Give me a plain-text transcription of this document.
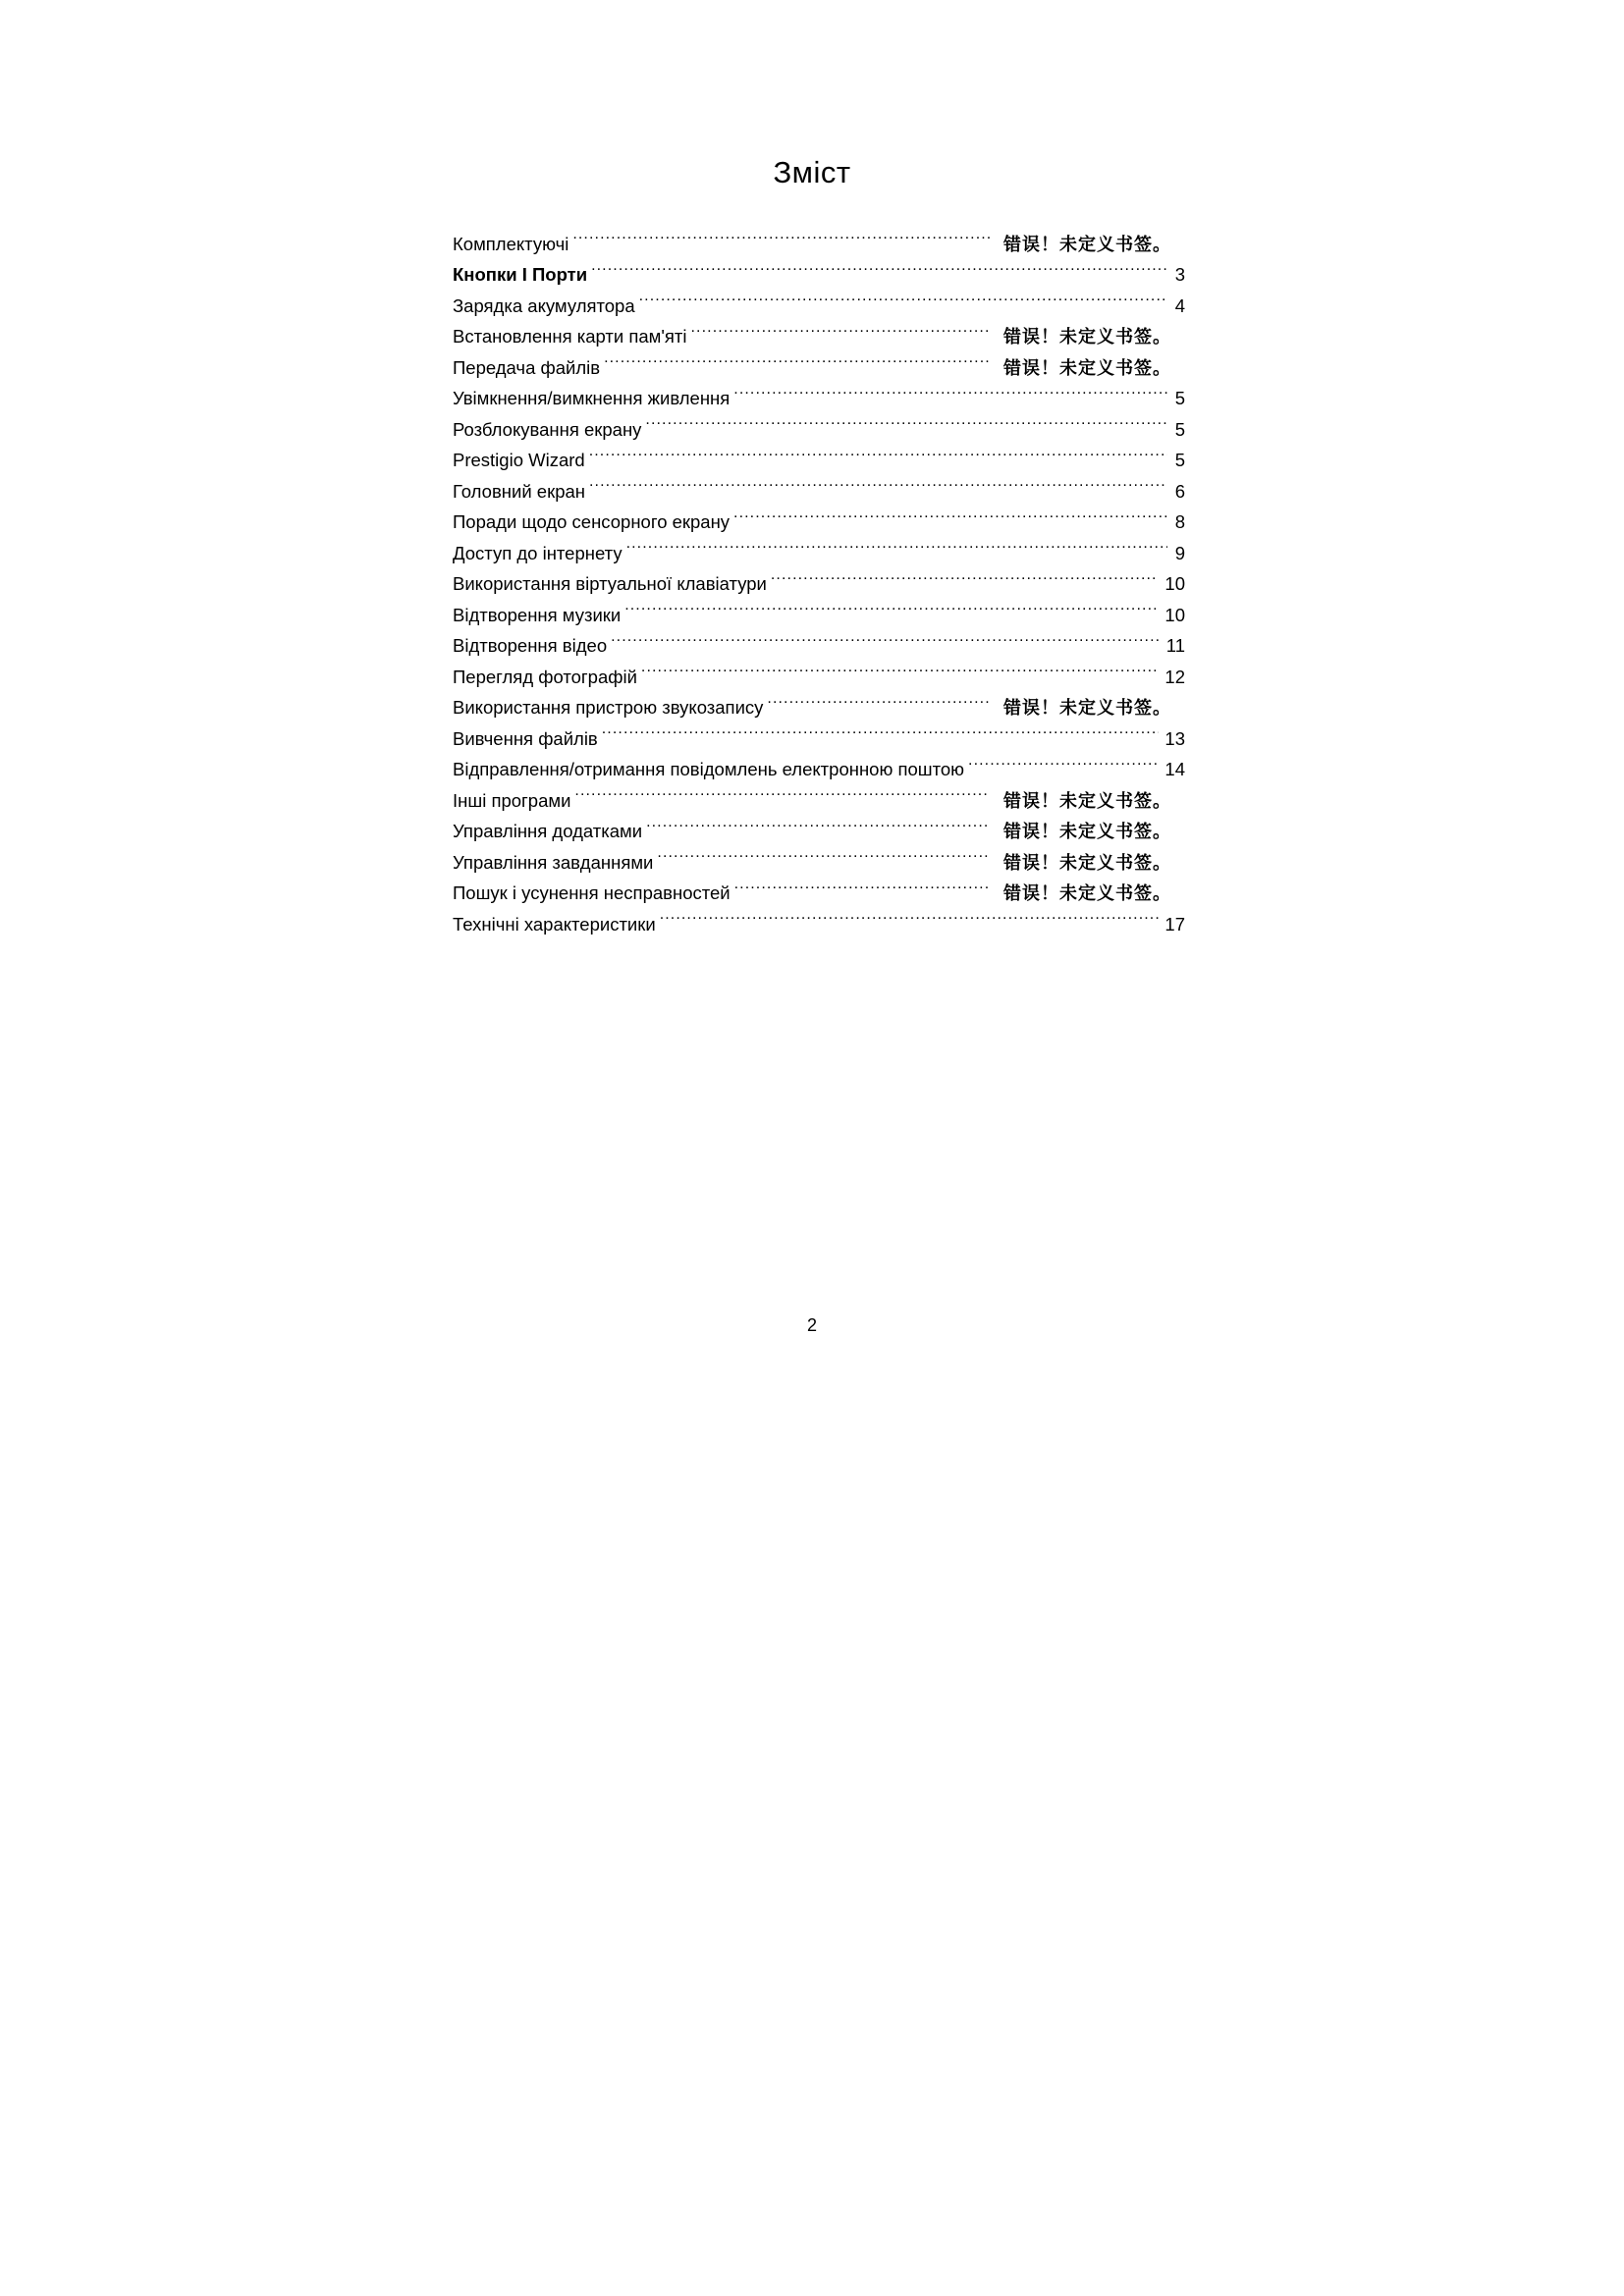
Зміст
Комплектуючі .....	错误！未定义书签。
Кнопки І Порти .....	3
Зарядка акумулятора .....	4
Встановлення карти пам'яті .....	错误！未定义书签。
Передача файлів .....	错误！未定义书签。
Увімкнення/вимкнення живлення .....	5
Розблокування екрану .....	5
Prestigio Wizard .....	5
Головний екран .....	6
Поради щодо сенсорного екрану .....	8
Доступ до інтернету .....	9
Використання віртуальної клавіатури .....	10
Відтворення музики .....	10
Відтворення відео .....	11
Перегляд фотографій .....	12
Використання пристрою звукозапису .....	错误！未定义书签。
Вивчення файлів .....	13
Відправлення/отримання повідомлень електронною поштою .....	14
Інші програми .....	错误！未定义书签。
Управління додатками .....	错误！未定义书签。
Управління завданнями .....	错误！未定义书签。
Пошук і усунення несправностей .....	错误！未定义书签。
Технічні характеристики .....	17
2
